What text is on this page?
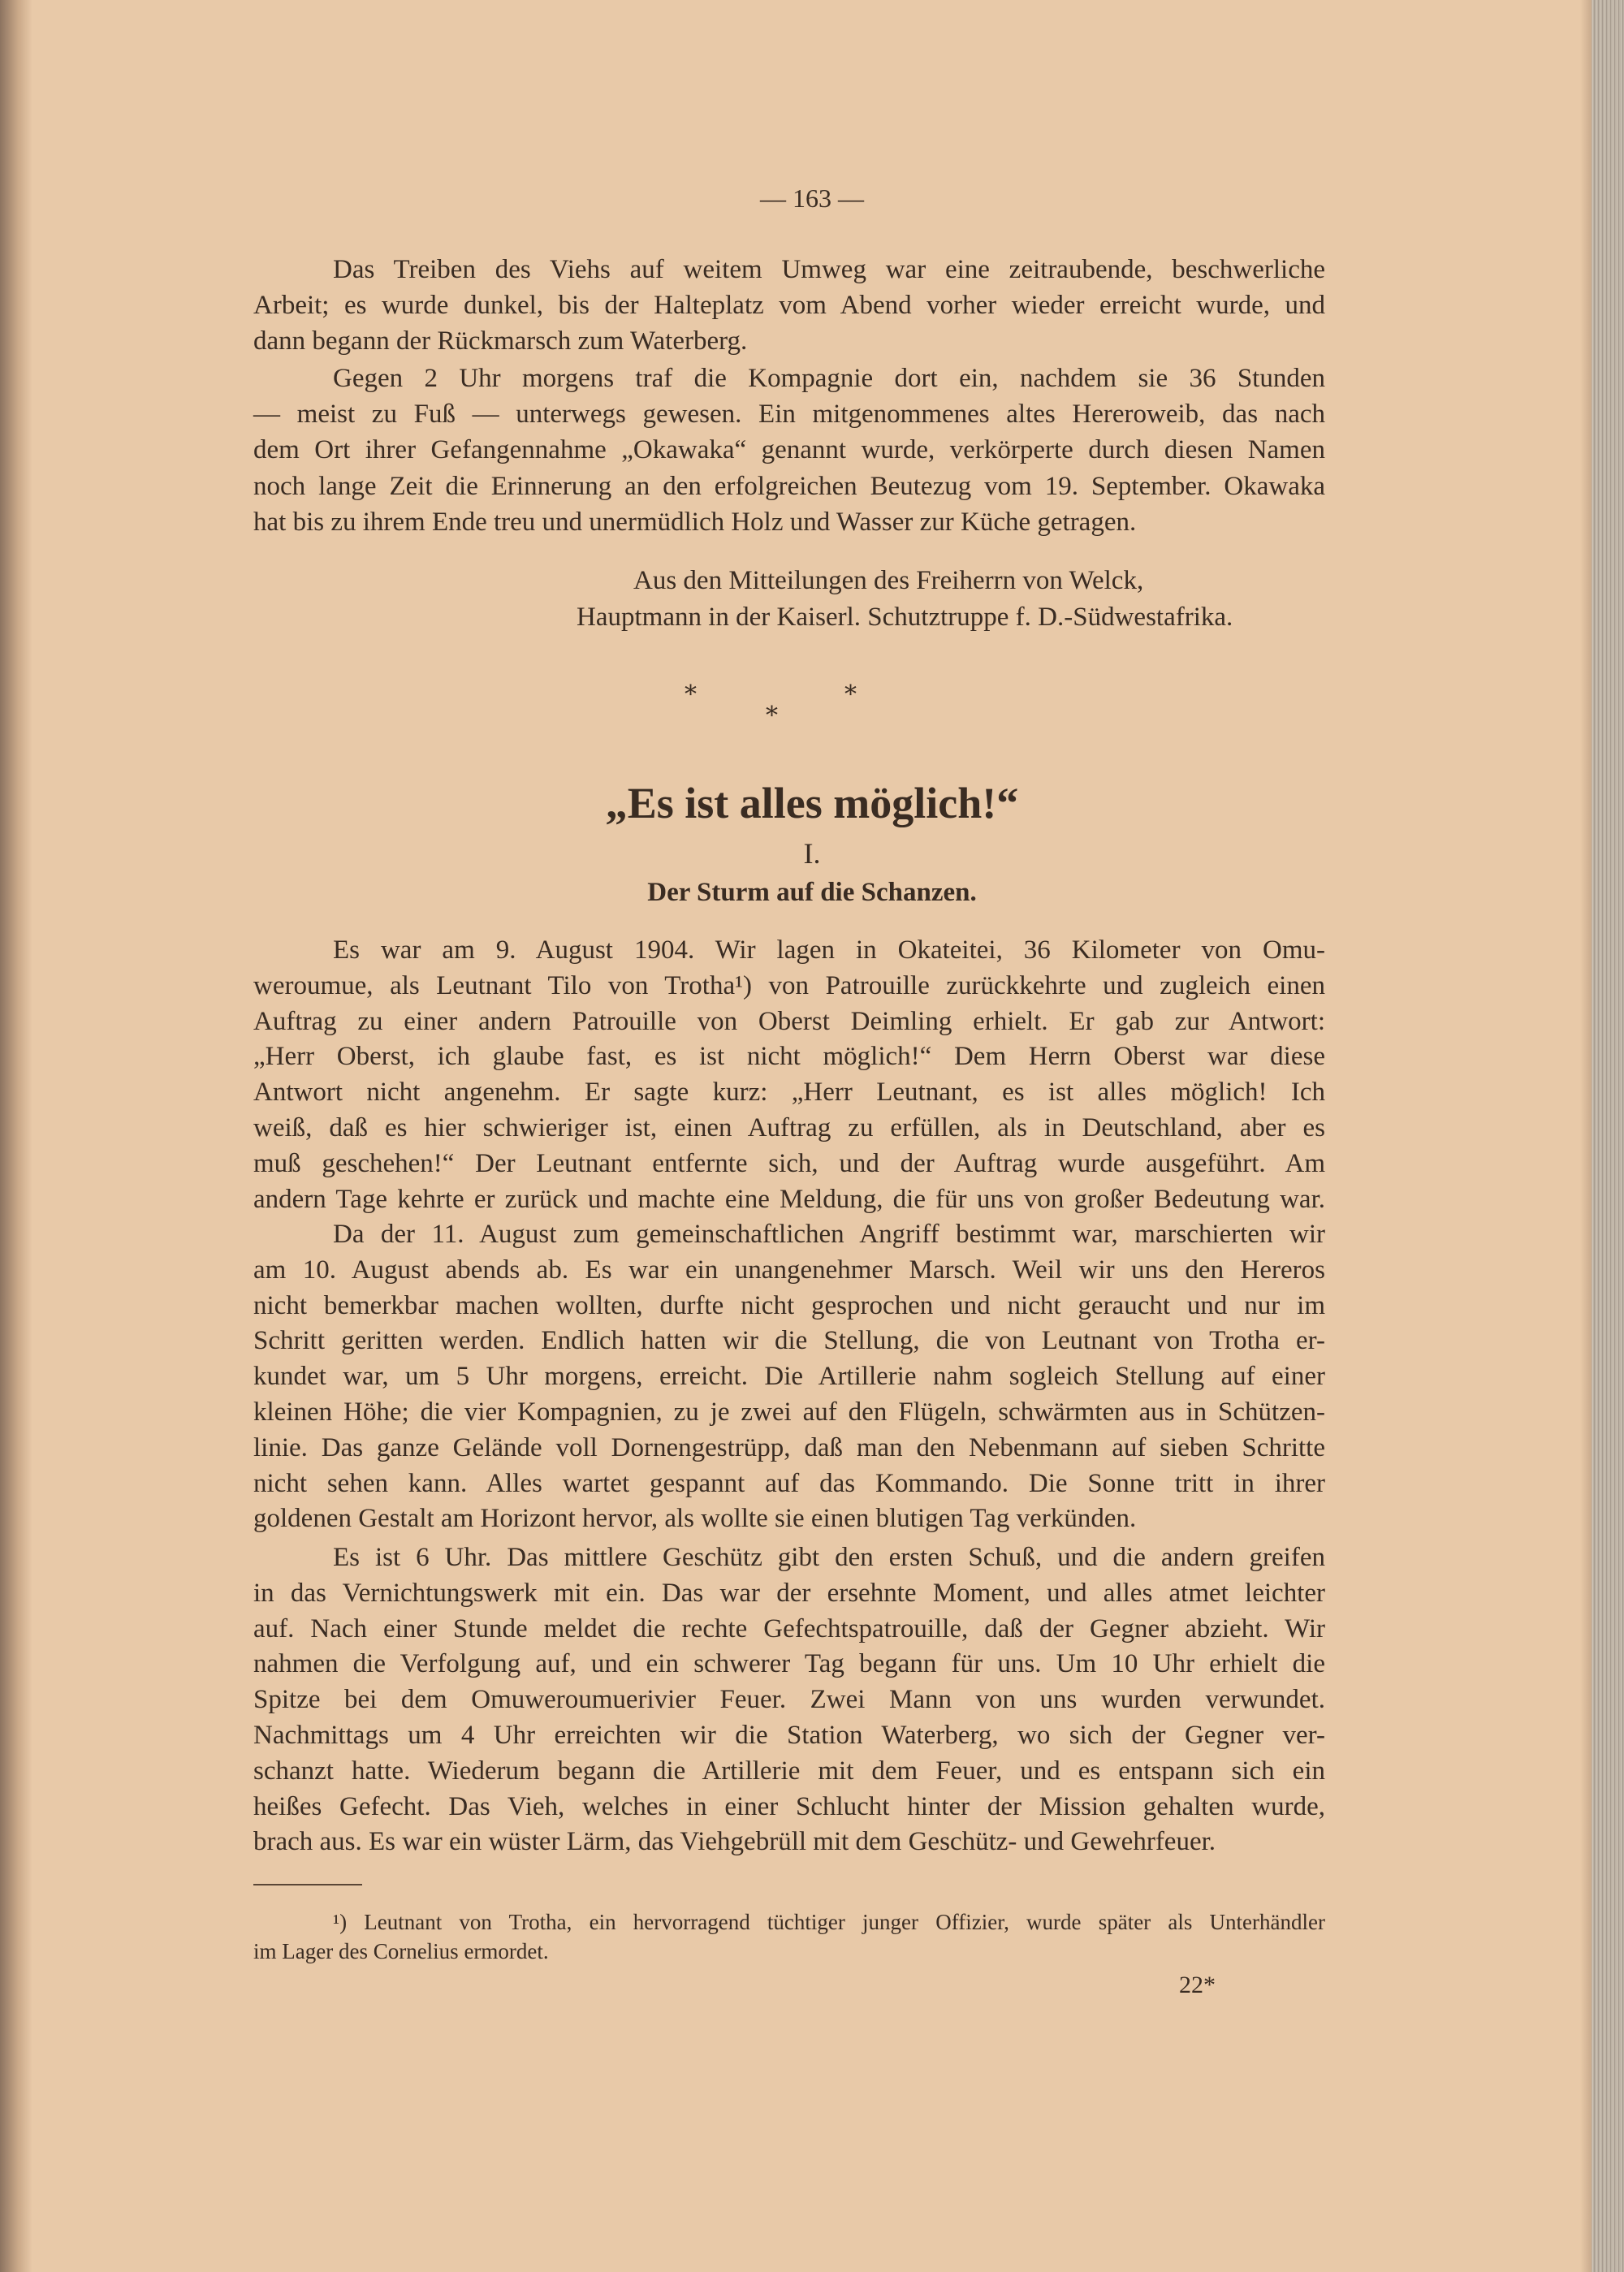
— 163 —
Das Treiben des Viehs auf weitem Umweg war eine zeitraubende, beschwerliche
Arbeit; es wurde dunkel, bis der Halteplatz vom Abend vorher wieder erreicht wurde, und
dann begann der Rückmarsch zum Waterberg.
Gegen 2 Uhr morgens traf die Kompagnie dort ein, nachdem sie 36 Stunden
— meist zu Fuß — unterwegs gewesen. Ein mitgenommenes altes Hereroweib, das nach
dem Ort ihrer Gefangennahme „Okawaka“ genannt wurde, verkörperte durch diesen Namen
noch lange Zeit die Erinnerung an den erfolgreichen Beutezug vom 19. September. Okawaka
hat bis zu ihrem Ende treu und unermüdlich Holz und Wasser zur Küche getragen.
Aus den Mitteilungen des Freiherrn von Welck,
Hauptmann in der Kaiserl. Schutztruppe f. D.-Südwestafrika.
*	*
*
„Es ist alles möglich!“
I.
Der Sturm auf die Schanzen.
Es war am 9. August 1904. Wir lagen in Okateitei, 36 Kilometer von Omu-
weroumue, als Leutnant Tilo von Trotha¹) von Patrouille zurückkehrte und zugleich einen
Auftrag zu einer andern Patrouille von Oberst Deimling erhielt. Er gab zur Antwort:
„Herr Oberst, ich glaube fast, es ist nicht möglich!“ Dem Herrn Oberst war diese
Antwort nicht angenehm. Er sagte kurz: „Herr Leutnant, es ist alles möglich! Ich
weiß, daß es hier schwieriger ist, einen Auftrag zu erfüllen, als in Deutschland, aber es
muß geschehen!“ Der Leutnant entfernte sich, und der Auftrag wurde ausgeführt. Am
andern Tage kehrte er zurück und machte eine Meldung, die für uns von großer Bedeutung war.
Da der 11. August zum gemeinschaftlichen Angriff bestimmt war, marschierten wir
am 10. August abends ab. Es war ein unangenehmer Marsch. Weil wir uns den Hereros
nicht bemerkbar machen wollten, durfte nicht gesprochen und nicht geraucht und nur im
Schritt geritten werden. Endlich hatten wir die Stellung, die von Leutnant von Trotha er-
kundet war, um 5 Uhr morgens, erreicht. Die Artillerie nahm sogleich Stellung auf einer
kleinen Höhe; die vier Kompagnien, zu je zwei auf den Flügeln, schwärmten aus in Schützen-
linie. Das ganze Gelände voll Dornengestrüpp, daß man den Nebenmann auf sieben Schritte
nicht sehen kann. Alles wartet gespannt auf das Kommando. Die Sonne tritt in ihrer
goldenen Gestalt am Horizont hervor, als wollte sie einen blutigen Tag verkünden.
Es ist 6 Uhr. Das mittlere Geschütz gibt den ersten Schuß, und die andern greifen
in das Vernichtungswerk mit ein. Das war der ersehnte Moment, und alles atmet leichter
auf. Nach einer Stunde meldet die rechte Gefechtspatrouille, daß der Gegner abzieht. Wir
nahmen die Verfolgung auf, und ein schwerer Tag begann für uns. Um 10 Uhr erhielt die
Spitze bei dem Omuweroumuerivier Feuer. Zwei Mann von uns wurden verwundet.
Nachmittags um 4 Uhr erreichten wir die Station Waterberg, wo sich der Gegner ver-
schanzt hatte. Wiederum begann die Artillerie mit dem Feuer, und es entspann sich ein
heißes Gefecht. Das Vieh, welches in einer Schlucht hinter der Mission gehalten wurde,
brach aus. Es war ein wüster Lärm, das Viehgebrüll mit dem Geschütz- und Gewehrfeuer.
¹) Leutnant von Trotha, ein hervorragend tüchtiger junger Offizier, wurde später als Unterhändler
im Lager des Cornelius ermordet.
22*
